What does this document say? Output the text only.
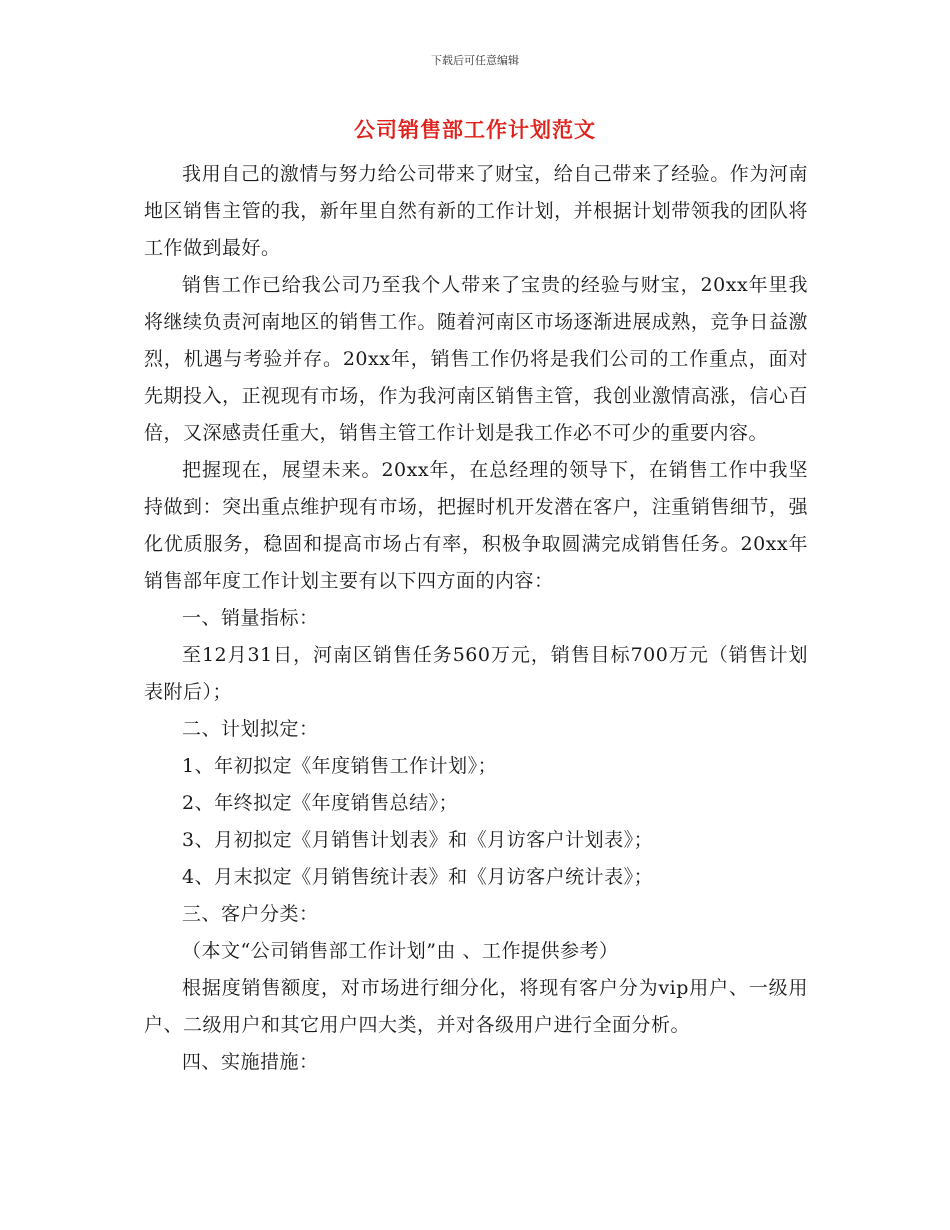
下载后可任意编辑
公司销售部工作计划范文

我用自己的激情与努力给公司带来了财宝，给自己带来了经验。作为河南地区销售主管的我，新年里自然有新的工作计划，并根据计划带领我的团队将工作做到最好。

销售工作已给我公司乃至我个人带来了宝贵的经验与财宝，20xx年里我将继续负责河南地区的销售工作。随着河南区市场逐渐进展成熟，竞争日益激烈，机遇与考验并存。20xx年，销售工作仍将是我们公司的工作重点，面对先期投入，正视现有市场，作为我河南区销售主管，我创业激情高涨，信心百倍，又深感责任重大，销售主管工作计划是我工作必不可少的重要内容。

把握现在，展望未来。20xx年，在总经理的领导下，在销售工作中我坚持做到：突出重点维护现有市场，把握时机开发潜在客户，注重销售细节，强化优质服务，稳固和提高市场占有率，积极争取圆满完成销售任务。20xx年销售部年度工作计划主要有以下四方面的内容：

一、销量指标：

至12月31日，河南区销售任务560万元，销售目标700万元（销售计划表附后）；

二、计划拟定：

1、年初拟定《年度销售工作计划》；

2、年终拟定《年度销售总结》；

3、月初拟定《月销售计划表》和《月访客户计划表》；

4、月末拟定《月销售统计表》和《月访客户统计表》；

三、客户分类：

（本文“公司销售部工作计划”由 、工作提供参考）

根据度销售额度，对市场进行细分化，将现有客户分为vip用户、一级用户、二级用户和其它用户四大类，并对各级用户进行全面分析。

四、实施措施：
